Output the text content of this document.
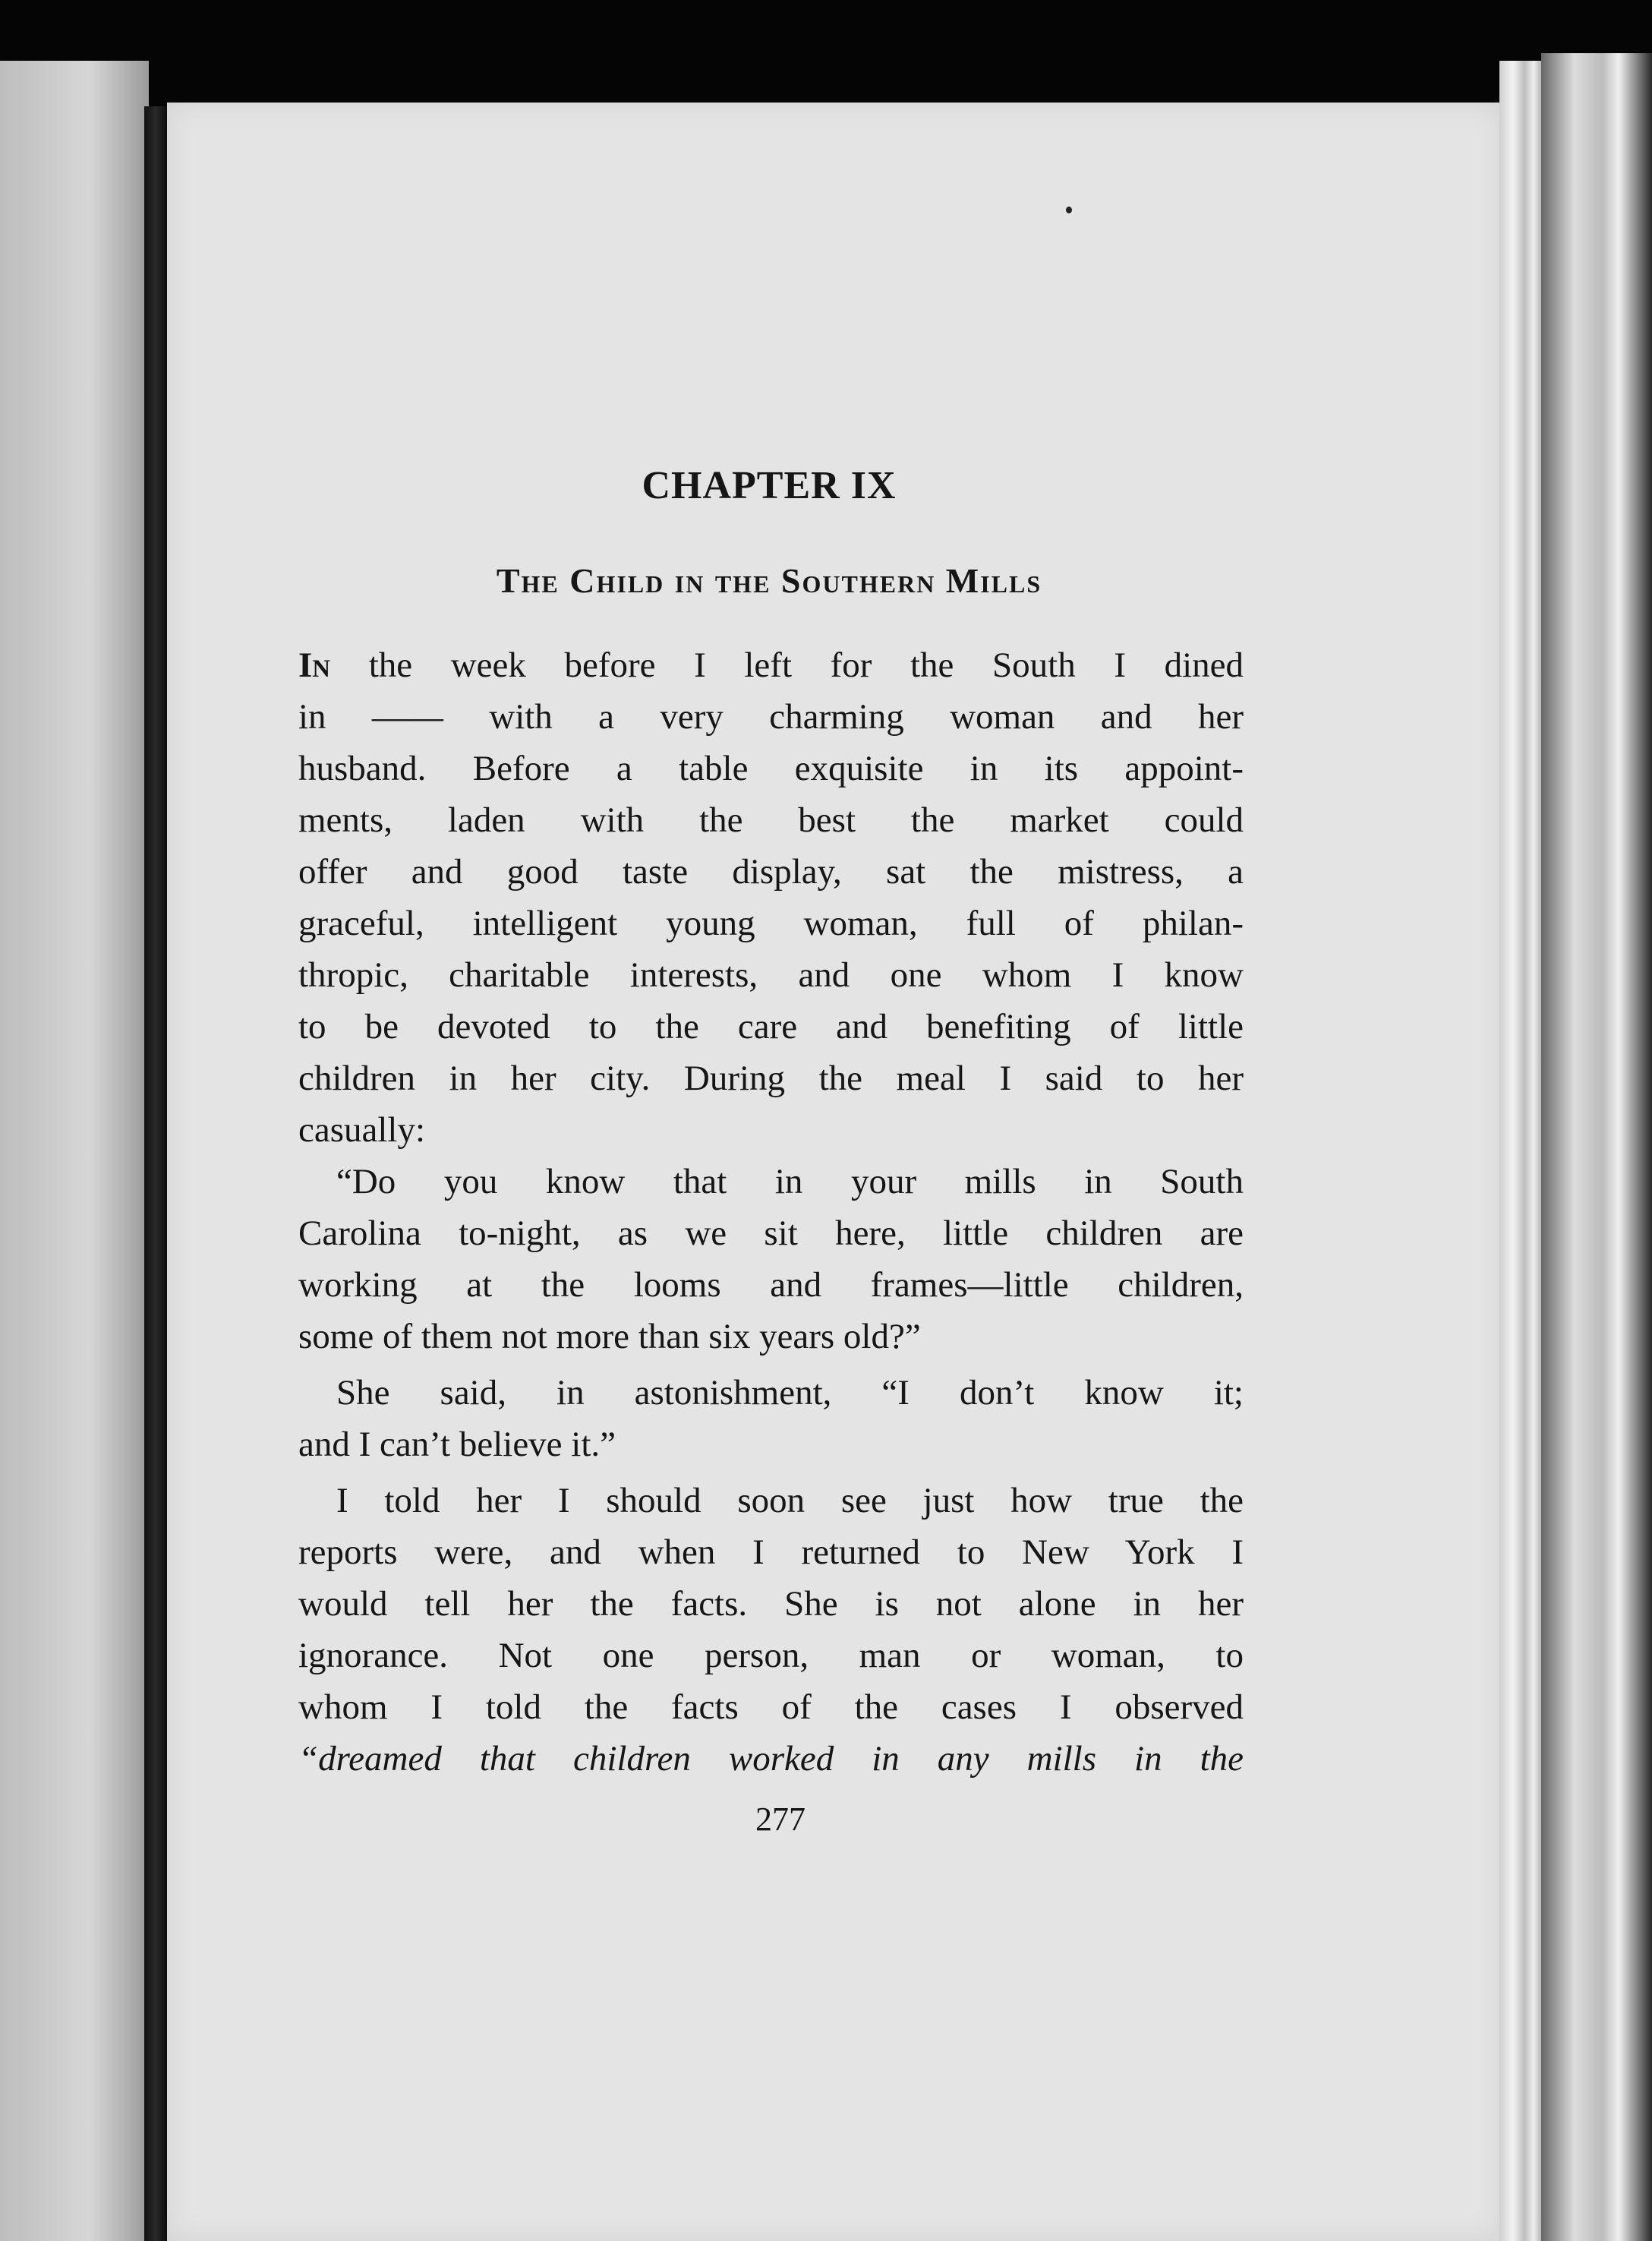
CHAPTER IX
The Child in the Southern Mills
In the week before I left for the South I dined
in —— with a very charming woman and her
husband. Before a table exquisite in its appoint-
ments, laden with the best the market could
offer and good taste display, sat the mistress, a
graceful, intelligent young woman, full of philan-
thropic, charitable interests, and one whom I know
to be devoted to the care and benefiting of little
children in her city. During the meal I said to her
casually:
“Do you know that in your mills in South
Carolina to-night, as we sit here, little children are
working at the looms and frames—little children,
some of them not more than six years old?”
She said, in astonishment, “I don’t know it;
and I can’t believe it.”
I told her I should soon see just how true the
reports were, and when I returned to New York I
would tell her the facts. She is not alone in her
ignorance. Not one person, man or woman, to
whom I told the facts of the cases I observed
“dreamed that children worked in any mills in the
277
